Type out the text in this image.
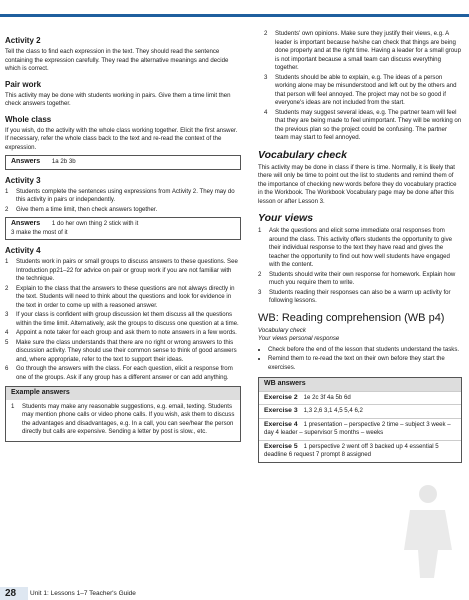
Activity 2

Tell the class to find each expression in the text. They should read the sentence containing the expression carefully. They read the alternative meanings and decide which is correct.

Pair work

This activity may be done with students working in pairs. Give them a time limit then check answers together.

Whole class

If you wish, do the activity with the whole class working together. Elicit the first answer. If necessary, refer the whole class back to the text and re-read the context of the expression.

Answers 1a 2b 3b
Activity 3
1 Students complete the sentences using expressions from Activity 2. They may do this activity in pairs or independently.
2 Give them a time limit, then check answers together.
Answers 1 do her own thing 2 stick with it
3 make the most of it
Activity 4
1 Students work in pairs or small groups to discuss answers to these questions. See Introduction pp21–22 for advice on pair or group work if you are not familiar with the technique.
2 Explain to the class that the answers to these questions are not always directly in the text. Students will need to think about the questions and look for evidence in the text in order to come up with a reasoned answer.
3 If your class is confident with group discussion let them discuss all the questions within the time limit. Alternatively, ask the groups to discuss one question at a time.
4 Appoint a note taker for each group and ask them to note answers in a few words.
5 Make sure the class understands that there are no right or wrong answers to this discussion activity. They should use their common sense to think of good answers and, where appropriate, refer to the text to support their ideas.
6 Go through the answers with the class. For each question, elicit a response from one of the groups. Ask if any group has a different answer or can add anything.
Example answers
1 Students may make any reasonable suggestions, e.g. email, texting. Students may mention phone calls or video phone calls. If you wish, ask them to discuss the advantages and disadvantages, e.g. In a call, you can see/hear the person directly but calls are expensive. Sending a letter by post is slow., etc.
2 Students' own opinions. Make sure they justify their views, e.g. A leader is important because he/she can check that things are being done properly and at the right time. Having a leader for a small group is not important because a small team can discuss everything together.
3 Students should be able to explain, e.g. The ideas of a person working alone may be misunderstood and left out by the others and that person will feel annoyed. The project may not be so good if everyone's ideas are not included from the start.
4 Students may suggest several ideas, e.g. The partner team will feel that they are being made to feel unimportant. They will be working on the previous plan so the project could be confusing. The partner team may start to feel annoyed.
Vocabulary check

This activity may be done in class if there is time. Normally, it is likely that there will only be time to point out the list to students and remind them of the importance of checking new words before they do vocabulary practice in the Workbook. The Workbook Vocabulary page may be done after this lesson or after Lesson 3.

Your views
1 Ask the questions and elicit some immediate oral responses from around the class. This activity offers students the opportunity to give their individual response to the text they have read and gives the teacher the opportunity to find out how well students have engaged with the content.
2 Students should write their own response for homework. Explain how much you require them to write.
3 Students reading their responses can also be a warm up activity for following lessons.
WB: Reading comprehension (WB p4)

Vocabulary check

Your views personal response

• Check before the end of the lesson that students understand the tasks.
• Remind them to re-read the text on their own before they start the exercises.
WB answers
Exercise 2 1e 2c 3f 4a 5b 6d
Exercise 3 1,3 2,6 3,1 4,5 5,4 6,2
Exercise 4 1 presentation – perspective 2 time – subject 3 week – day 4 leader – supervisor 5 months – weeks
Exercise 5 1 perspective 2 went off 3 backed up 4 essential 5 deadline 6 request 7 prompt 8 assigned
28 Unit 1: Lessons 1–7 Teacher's Guide
